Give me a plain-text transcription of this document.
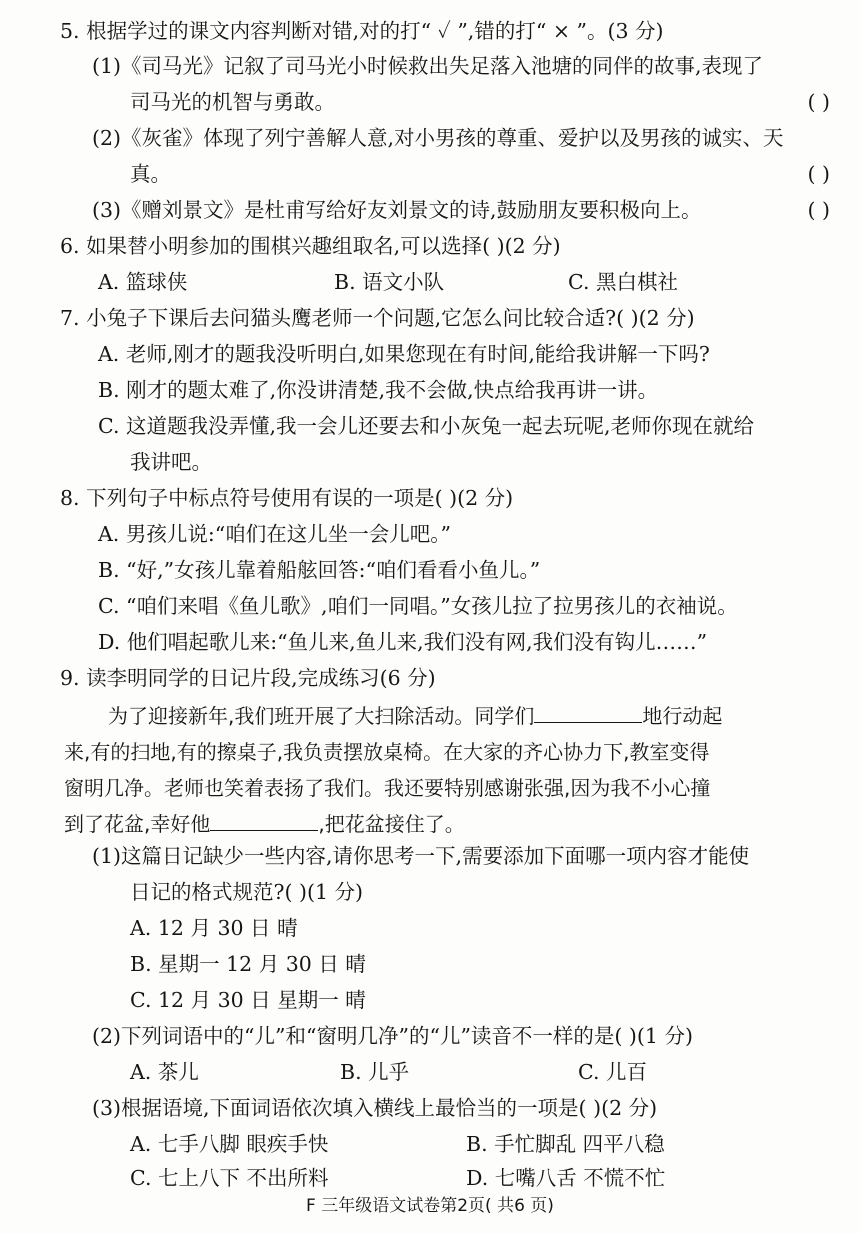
5. 根据学过的课文内容判断对错,对的打“ ✓ ”,错的打“ × ”。(3 分)
(1)《司马光》记叙了司马光小时候救出失足落入池塘的同伴的故事,表现了
司马光的机智与勇敢。	( )
(2)《灰雀》体现了列宁善解人意,对小男孩的尊重、爱护以及男孩的诚实、天
真。	( )
(3)《赠刘景文》是杜甫写给好友刘景文的诗,鼓励朋友要积极向上。	( )
6. 如果替小明参加的围棋兴趣组取名,可以选择( )(2 分)
A. 篮球侠	B. 语文小队	C. 黑白棋社
7. 小兔子下课后去问猫头鹰老师一个问题,它怎么问比较合适?( )(2 分)
A. 老师,刚才的题我没听明白,如果您现在有时间,能给我讲解一下吗?
B. 刚才的题太难了,你没讲清楚,我不会做,快点给我再讲一讲。
C. 这道题我没弄懂,我一会儿还要去和小灰兔一起去玩呢,老师你现在就给
我讲吧。
8. 下列句子中标点符号使用有误的一项是( )(2 分)
A. 男孩儿说:“咱们在这儿坐一会儿吧。”
B. “好,”女孩儿靠着船舷回答:“咱们看看小鱼儿。”
C. “咱们来唱《鱼儿歌》,咱们一同唱。”女孩儿拉了拉男孩儿的衣袖说。
D. 他们唱起歌儿来:“鱼儿来,鱼儿来,我们没有网,我们没有钩儿……”
9. 读李明同学的日记片段,完成练习(6 分)
为了迎接新年,我们班开展了大扫除活动。同学们	地行动起
来,有的扫地,有的擦桌子,我负责摆放桌椅。在大家的齐心协力下,教室变得
窗明几净。老师也笑着表扬了我们。我还要特别感谢张强,因为我不小心撞
到了花盆,幸好他	,把花盆接住了。
(1)这篇日记缺少一些内容,请你思考一下,需要添加下面哪一项内容才能使
日记的格式规范?( )(1 分)
A. 12 月 30 日 晴
B. 星期一 12 月 30 日 晴
C. 12 月 30 日 星期一 晴
(2)下列词语中的“儿”和“窗明几净”的“儿”读音不一样的是( )(1 分)
A. 茶儿	B. 儿乎	C. 儿百
(3)根据语境,下面词语依次填入横线上最恰当的一项是( )(2 分)
A. 七手八脚 眼疾手快	B. 手忙脚乱 四平八稳
C. 七上八下 不出所料	D. 七嘴八舌 不慌不忙
F 三年级语文试卷第2页( 共6 页)
